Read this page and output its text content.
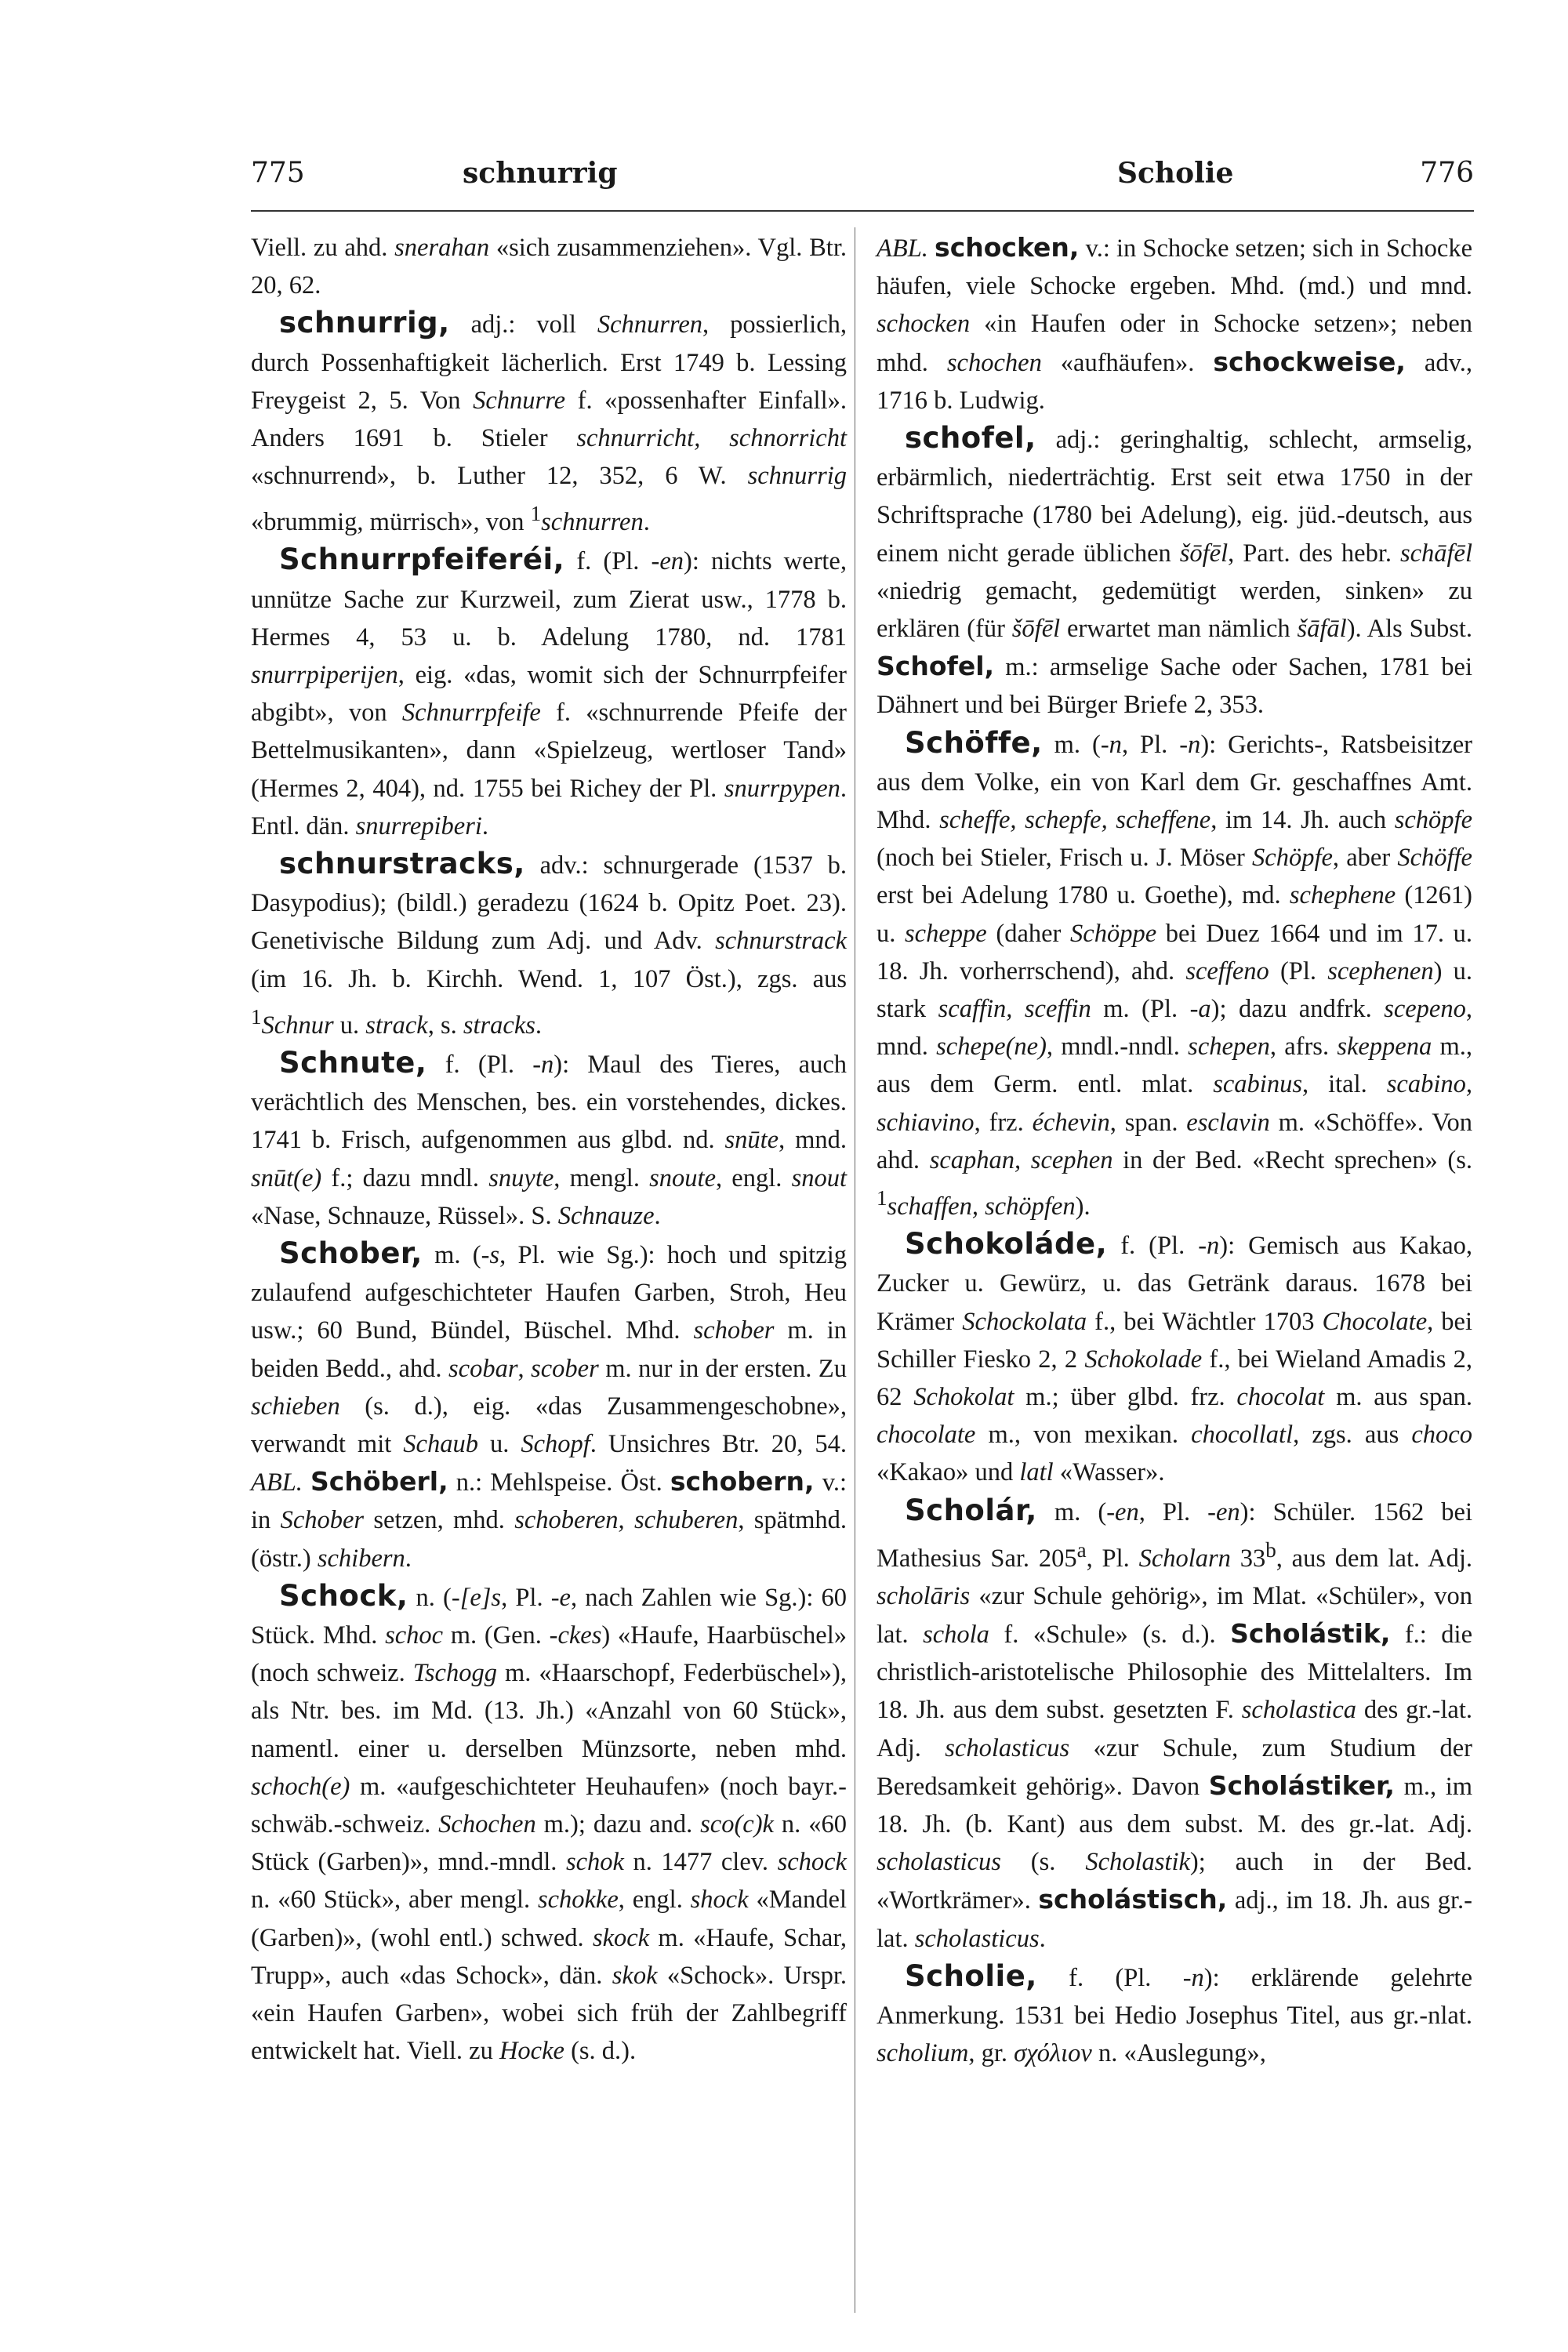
775	schnurrig	Scholie	776

Viell. zu ahd. snerahan «sich zusammenziehen». Vgl. Btr. 20, 62.

schnurrig, adj.: voll Schnurren, possierlich, durch Possenhaftigkeit lächerlich. Erst 1749 b. Lessing Freygeist 2, 5. Von Schnurre f. «possenhafter Einfall». Anders 1691 b. Stieler schnurricht, schnorricht «schnurrend», b. Luther 12, 352, 6 W. schnurrig «brummig, mürrisch», von $^1$schnurren.

Schnurrpfeiferéi, f. (Pl. -en): nichts werte, unnütze Sache zur Kurzweil, zum Zierat usw., 1778 b. Hermes 4, 53 u. b. Adelung 1780, nd. 1781 snurrpiperijen, eig. «das, womit sich der Schnurrpfeifer abgibt», von Schnurrpfeife f. «schnurrende Pfeife der Bettelmusikanten», dann «Spielzeug, wertloser Tand» (Hermes 2, 404), nd. 1755 bei Richey der Pl. snurrpypen. Entl. dän. snurrepiberi.

schnurstracks, adv.: schnurgerade (1537 b. Dasypodius); (bildl.) geradezu (1624 b. Opitz Poet. 23). Genetivische Bildung zum Adj. und Adv. schnurstrack (im 16. Jh. b. Kirchh. Wend. 1, 107 Öst.), zgs. aus $^1$Schnur u. strack, s. stracks.

Schnute, f. (Pl. -n): Maul des Tieres, auch verächtlich des Menschen, bes. ein vorstehendes, dickes. 1741 b. Frisch, aufgenommen aus glbd. nd. snūte, mnd. snūt(e) f.; dazu mndl. snuyte, mengl. snoute, engl. snout «Nase, Schnauze, Rüssel». S. Schnauze.

Schober, m. (-s, Pl. wie Sg.): hoch und spitzig zulaufend aufgeschichteter Haufen Garben, Stroh, Heu usw.; 60 Bund, Bündel, Büschel. Mhd. schober m. in beiden Bedd., ahd. scobar, scober m. nur in der ersten. Zu schieben (s. d.), eig. «das Zusammengeschobne», verwandt mit Schaub u. Schopf. Unsichres Btr. 20, 54. ABL. Schöberl, n.: Mehlspeise. Öst. schobern, v.: in Schober setzen, mhd. schoberen, schuberen, spätmhd. (östr.) schibern.

Schock, n. (-[e]s, Pl. -e, nach Zahlen wie Sg.): 60 Stück. Mhd. schoc m. (Gen. -ckes) «Haufe, Haarbüschel» (noch schweiz. Tschogg m. «Haarschopf, Federbüschel»), als Ntr. bes. im Md. (13. Jh.) «Anzahl von 60 Stück», namentl. einer u. derselben Münzsorte, neben mhd. schoch(e) m. «aufgeschichteter Heuhaufen» (noch bayr.-schwäb.-schweiz. Schochen m.); dazu and. sco(c)k n. «60 Stück (Garben)», mnd.-mndl. schok n. 1477 clev. schock n. «60 Stück», aber mengl. schokke, engl. shock «Mandel (Garben)», (wohl entl.) schwed. skock m. «Haufe, Schar, Trupp», auch «das Schock», dän. skok «Schock». Urspr. «ein Haufen Garben», wobei sich früh der Zahlbegriff entwickelt hat. Viell. zu Hocke (s. d.).

ABL. schocken, v.: in Schocke setzen; sich in Schocke häufen, viele Schocke ergeben. Mhd. (md.) und mnd. schocken «in Haufen oder in Schocke setzen»; neben mhd. schochen «aufhäufen». schockweise, adv., 1716 b. Ludwig.

schofel, adj.: geringhaltig, schlecht, armselig, erbärmlich, niederträchtig. Erst seit etwa 1750 in der Schriftsprache (1780 bei Adelung), eig. jüd.-deutsch, aus einem nicht gerade üblichen šōfēl, Part. des hebr. schāfēl «niedrig gemacht, gedemütigt werden, sinken» zu erklären (für šōfēl erwartet man nämlich šāfāl). Als Subst. Schofel, m.: armselige Sache oder Sachen, 1781 bei Dähnert und bei Bürger Briefe 2, 353.

Schöffe, m. (-n, Pl. -n): Gerichts-, Ratsbeisitzer aus dem Volke, ein von Karl dem Gr. geschaffnes Amt. Mhd. scheffe, schepfe, scheffene, im 14. Jh. auch schöpfe (noch bei Stieler, Frisch u. J. Möser Schöpfe, aber Schöffe erst bei Adelung 1780 u. Goethe), md. schephene (1261) u. scheppe (daher Schöppe bei Duez 1664 und im 17. u. 18. Jh. vorherrschend), ahd. sceffeno (Pl. scephenen) u. stark scaffin, sceffin m. (Pl. -a); dazu andfrk. scepeno, mnd. schepe(ne), mndl.-nndl. schepen, afrs. skeppena m., aus dem Germ. entl. mlat. scabinus, ital. scabino, schiavino, frz. échevin, span. esclavin m. «Schöffe». Von ahd. scaphan, scephen in der Bed. «Recht sprechen» (s. $^1$schaffen, schöpfen).

Schokoláde, f. (Pl. -n): Gemisch aus Kakao, Zucker u. Gewürz, u. das Getränk daraus. 1678 bei Krämer Schockolata f., bei Wächtler 1703 Chocolate, bei Schiller Fiesko 2, 2 Schokolade f., bei Wieland Amadis 2, 62 Schokolat m.; über glbd. frz. chocolat m. aus span. chocolate m., von mexikan. chocollatl, zgs. aus choco «Kakao» und latl «Wasser».

Scholár, m. (-en, Pl. -en): Schüler. 1562 bei Mathesius Sar. 205$^a$, Pl. Scholarn 33$^b$, aus dem lat. Adj. scholāris «zur Schule gehörig», im Mlat. «Schüler», von lat. schola f. «Schule» (s. d.). Scholástik, f.: die christlich-aristotelische Philosophie des Mittelalters. Im 18. Jh. aus dem subst. gesetzten F. scholastica des gr.-lat. Adj. scholasticus «zur Schule, zum Studium der Beredsamkeit gehörig». Davon Scholástiker, m., im 18. Jh. (b. Kant) aus dem subst. M. des gr.-lat. Adj. scholasticus (s. Scholastik); auch in der Bed. «Wortkrämer». scholástisch, adj., im 18. Jh. aus gr.-lat. scholasticus.

Scholie, f. (Pl. -n): erklärende gelehrte Anmerkung. 1531 bei Hedio Josephus Titel, aus gr.-nlat. scholium, gr. σχόλιον n. «Auslegung»,
